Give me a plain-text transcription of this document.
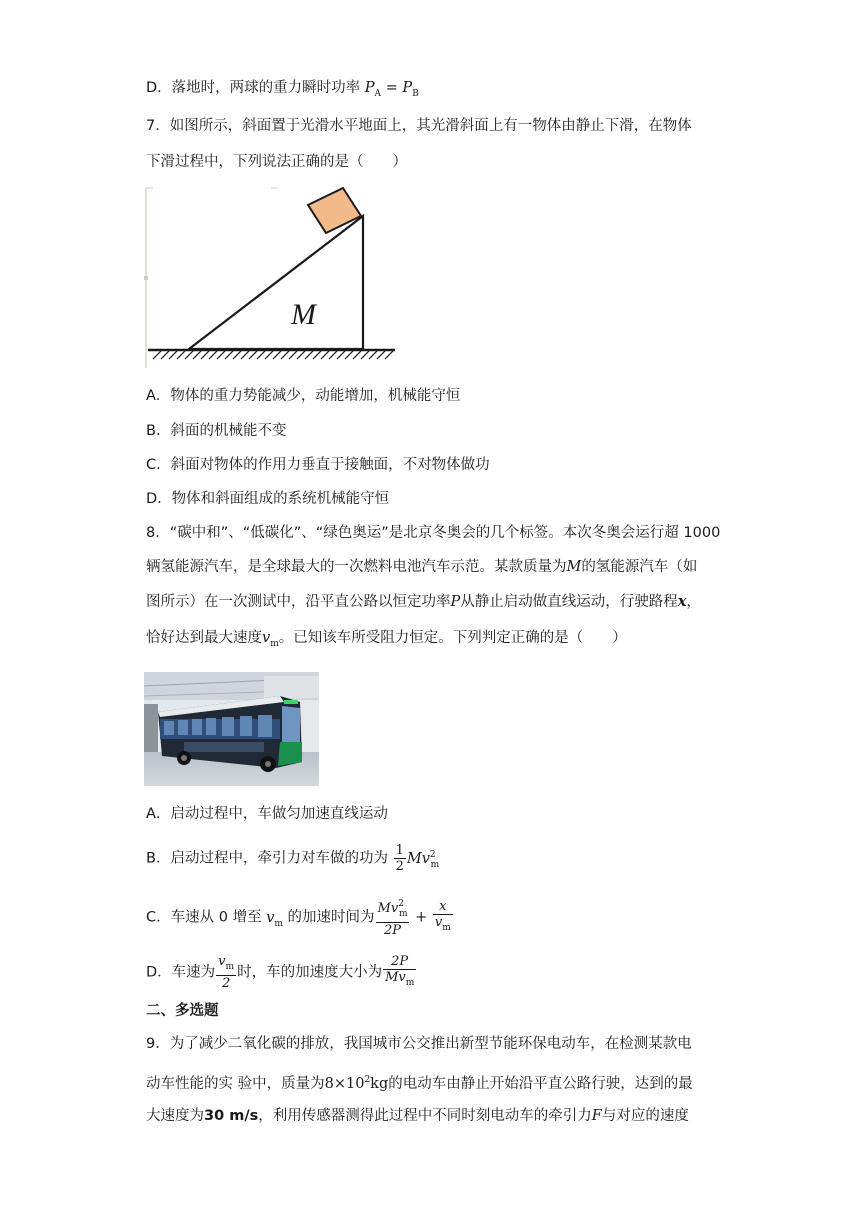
D．落地时，两球的重力瞬时功率 $P_A = P_B$
7．如图所示，斜面置于光滑水平地面上，其光滑斜面上有一物体由静止下滑，在物体
下滑过程中，下列说法正确的是（　　）
M
A．物体的重力势能减少，动能增加，机械能守恒
B．斜面的机械能不变
C．斜面对物体的作用力垂直于接触面，不对物体做功
D．物体和斜面组成的系统机械能守恒
8．“碳中和”、“低碳化”、“绿色奥运”是北京冬奥会的几个标签。本次冬奥会运行超 1000
辆氢能源汽车，是全球最大的一次燃料电池汽车示范。某款质量为M的氢能源汽车（如
图所示）在一次测试中，沿平直公路以恒定功率P从静止启动做直线运动，行驶路程x，
恰好达到最大速度$v_m$。已知该车所受阻力恒定。下列判定正确的是（　　）
A．启动过程中，车做匀加速直线运动
B．启动过程中，牵引力对车做的功为 $\frac{1}{2} Mv^2_m$
C．车速从 0 增至 $v_m$ 的加速时间为 $\frac{Mv^2_m}{2P} + \frac{x}{v_m}$
D．车速为 $\frac{v_m}{2}$ 时，车的加速度大小为 $\frac{2P}{Mv_m}$
二、多选题
9．为了减少二氧化碳的排放，我国城市公交推出新型节能环保电动车，在检测某款电
动车性能的实 验中，质量为$8\times 10^2kg$的电动车由静止开始沿平直公路行驶，达到的最
大速度为30 m/s，利用传感器测得此过程中不同时刻电动车的牵引力F与对应的速度
